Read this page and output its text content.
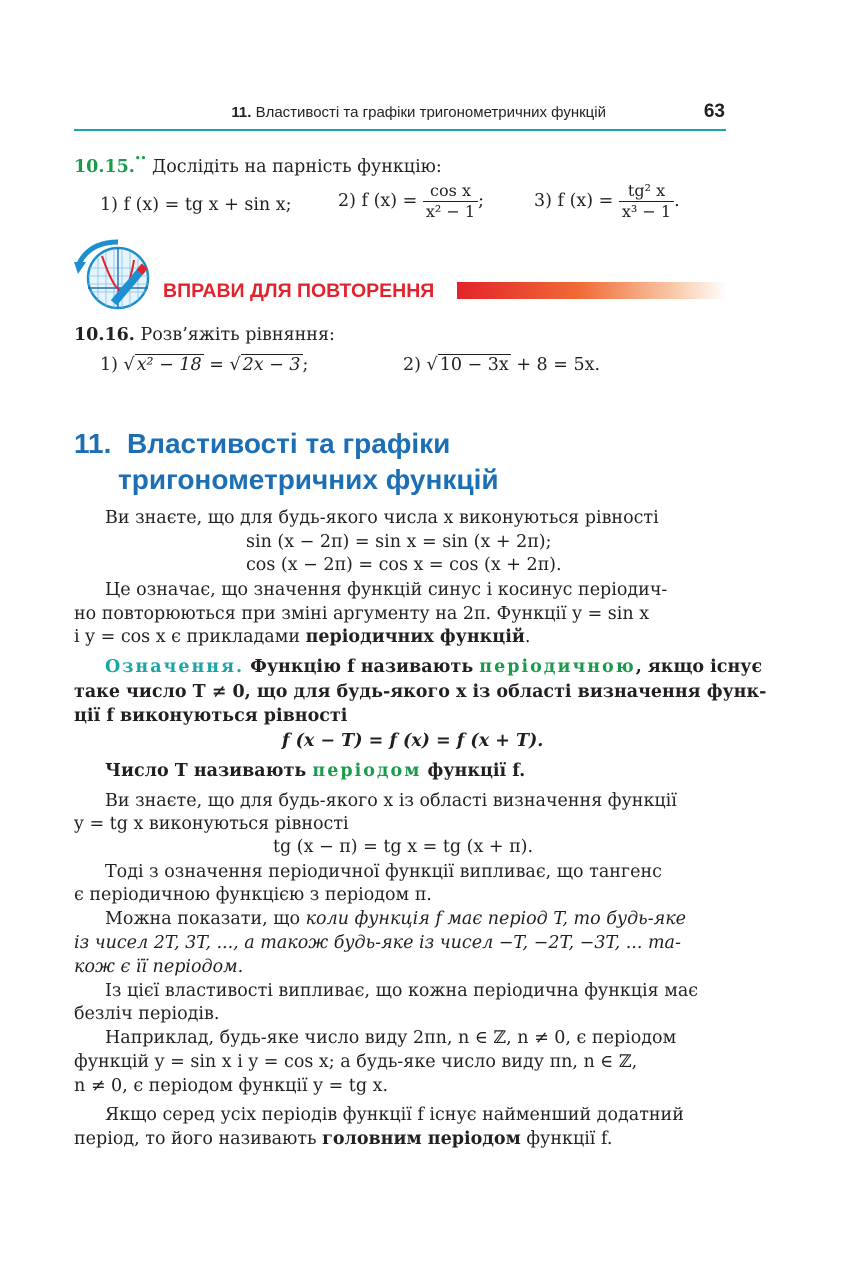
11. Властивості та графіки тригонометричних функцій	63
10.15.•• Дослідіть на парність функцію:
1) f (x) = tg x + sin x;	2) f $(x) = \frac{\text{cos x}}{\text{x² − 1}}$ ;	3) f $(x) = \frac{\text{tg² x}}{\text{x³ − 1}}$ .
ВПРАВИ ДЛЯ ПОВТОРЕННЯ
10.16. Розв’яжіть рівняння:
1) √ x² − 18 = √ 2x − 3 ;	2) √ 10 − 3x + 8 = 5x.
11. Властивості та графіки
тригонометричних функцій
Ви знаєте, що для будь-якого числа x виконуються рівності
sin (x − 2π) = sin x = sin (x + 2π);
cos (x − 2π) = cos x = cos (x + 2π).
Це означає, що значення функцій синус і косинус періодич-
но повторюються при зміні аргументу на 2π. Функції y = sin x
і y = cos x є прикладами періодичних функцій.
Означення. Функцію f називають періодичною, якщо існує
таке число T ≠ 0, що для будь-якого x із області визначення функ-
ції f виконуються рівності
f (x − T) = f (x) = f (x + T).
Число T називають періодом функції f.
Ви знаєте, що для будь-якого x із області визначення функції
y = tg x виконуються рівності
tg (x − π) = tg x = tg (x + π).
Тоді з означення періодичної функції випливає, що тангенс
є періодичною функцією з періодом π.
Можна показати, що коли функція f має період T, то будь-яке
із чисел 2T, 3T, ..., а також будь-яке із чисел −T, −2T, −3T, ... та-
кож є її періодом.
Із цієї властивості випливає, що кожна періодична функція має
безліч періодів.
Наприклад, будь-яке число виду 2πn, n ∈ ℤ, n ≠ 0, є періодом
функцій y = sin x і y = cos x; а будь-яке число виду πn, n ∈ ℤ,
n ≠ 0, є періодом функції y = tg x.
Якщо серед усіх періодів функції f існує найменший додатний
період, то його називають головним періодом функції f.
